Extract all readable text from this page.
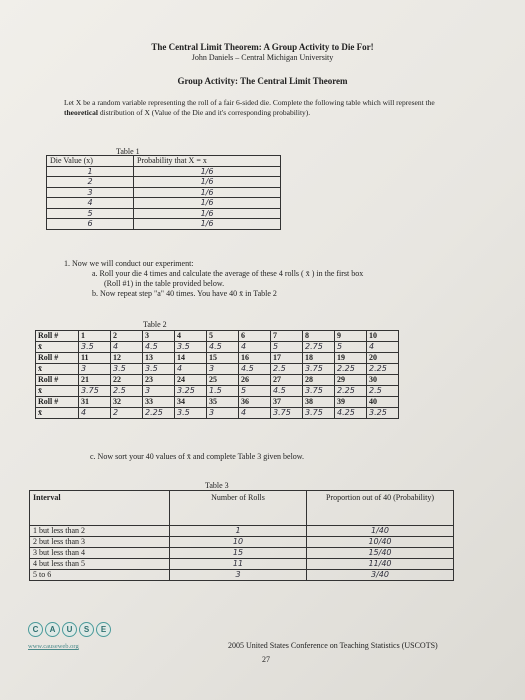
The Central Limit Theorem: A Group Activity to Die For!
John Daniels – Central Michigan University
Group Activity: The Central Limit Theorem
Let X be a random variable representing the roll of a fair 6-sided die. Complete the following table which will represent the theoretical distribution of X (Value of the Die and it's corresponding probability).
Table 1
Die Value (x)	Probability that X = x
1	1/6
2	1/6
3	1/6
4	1/6
5	1/6
6	1/6
1. Now we will conduct our experiment:
a. Roll your die 4 times and calculate the average of these 4 rolls ( x̄ ) in the first box
(Roll #1) in the table provided below.
b. Now repeat step "a" 40 times. You have 40 x̄ in Table 2
Table 2
Roll #	1	2	3	4	5	6	7	8	9	10
x̄	3.5	4	4.5	3.5	4.5	4	5	2.75	5	4
Roll #	11	12	13	14	15	16	17	18	19	20
x̄	3	3.5	3.5	4	3	4.5	2.5	3.75	2.25	2.25
Roll #	21	22	23	24	25	26	27	28	29	30
x̄	3.75	2.5	3	3.25	1.5	5	4.5	3.75	2.25	2.5
Roll #	31	32	33	34	35	36	37	38	39	40
x̄	4	2	2.25	3.5	3	4	3.75	3.75	4.25	3.25
c. Now sort your 40 values of x̄ and complete Table 3 given below.
Table 3
Interval	Number of Rolls	Proportion out of 40 (Probability)
1 but less than 2	1	1/40
2 but less than 3	10	10/40
3 but less than 4	15	15/40
4 but less than 5	11	11/40
5 to 6	3	3/40
C	A	U	S	E
www.causeweb.org	2005 United States Conference on Teaching Statistics (USCOTS)
27
